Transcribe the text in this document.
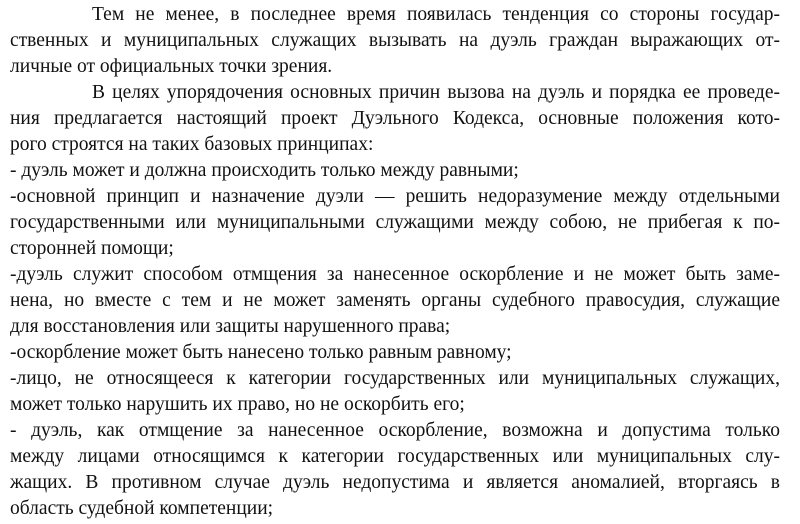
Тем не менее, в последнее время появилась тенденция со стороны государ-
ственных и муниципальных служащих вызывать на дуэль граждан выражающих от-
личные от официальных точки зрения.
В целях упорядочения основных причин вызова на дуэль и порядка ее проведе-
ния предлагается настоящий проект Дуэльного Кодекса, основные положения кото-
рого строятся на таких базовых принципах:
- дуэль может и должна происходить только между равными;
-основной принцип и назначение дуэли — решить недоразумение между отдельными
государственными или муниципальными служащими между собою, не прибегая к по-
сторонней помощи;
-дуэль служит способом отмщения за нанесенное оскорбление и не может быть заме-
нена, но вместе с тем и не может заменять органы судебного правосудия, служащие
для восстановления или защиты нарушенного права;
-оскорбление может быть нанесено только равным равному;
-лицо, не относящееся к категории государственных или муниципальных служащих,
может только нарушить их право, но не оскорбить его;
- дуэль, как отмщение за нанесенное оскорбление, возможна и допустима только
между лицами относящимся к категории государственных или муниципальных слу-
жащих. В противном случае дуэль недопустима и является аномалией, вторгаясь в
область судебной компетенции;
